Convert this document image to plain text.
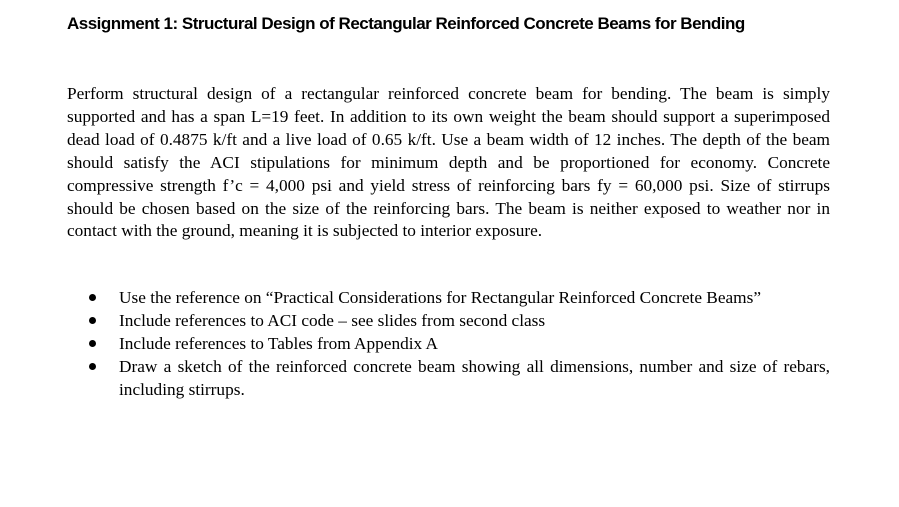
Assignment 1: Structural Design of Rectangular Reinforced Concrete Beams for Bending

Perform structural design of a rectangular reinforced concrete beam for bending. The beam is simply supported and has a span L=19 feet. In addition to its own weight the beam should support a superimposed dead load of 0.4875 k/ft and a live load of 0.65 k/ft. Use a beam width of 12 inches. The depth of the beam should satisfy the ACI stipulations for minimum depth and be proportioned for economy. Concrete compressive strength f’c = 4,000 psi and yield stress of reinforcing bars fy = 60,000 psi. Size of stirrups should be chosen based on the size of the reinforcing bars. The beam is neither exposed to weather nor in contact with the ground, meaning it is subjected to interior exposure.

Use the reference on “Practical Considerations for Rectangular Reinforced Concrete Beams”
Include references to ACI code – see slides from second class
Include references to Tables from Appendix A
Draw a sketch of the reinforced concrete beam showing all dimensions, number and size of rebars, including stirrups.
